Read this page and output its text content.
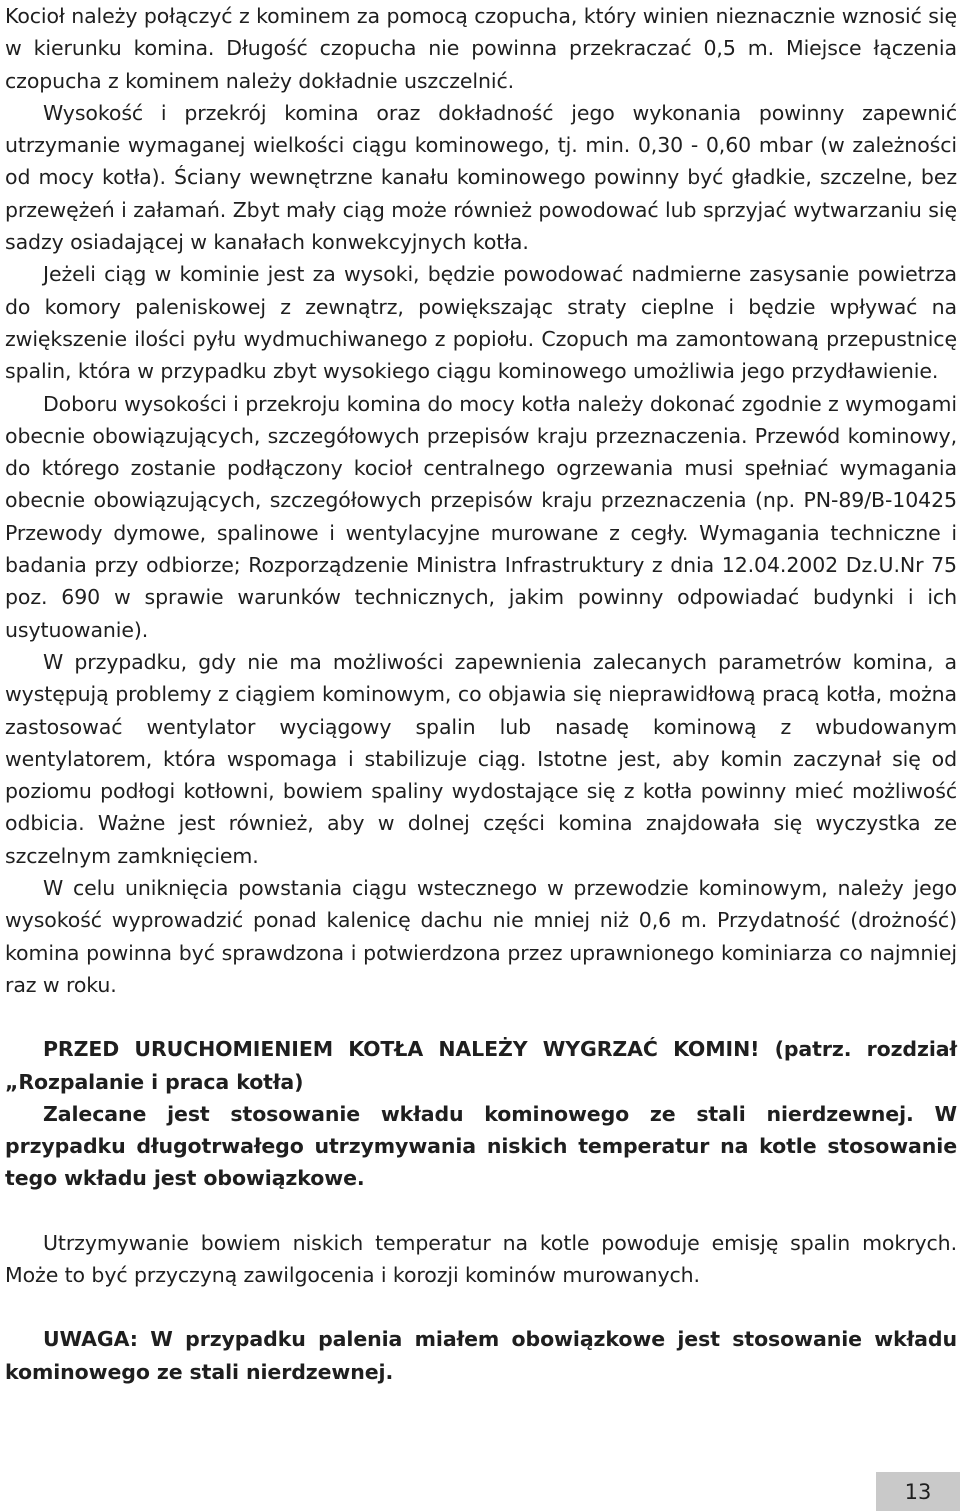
Kocioł należy połączyć z kominem za pomocą czopucha, który winien nieznacznie wznosić się w kierunku komina. Długość czopucha nie powinna przekraczać 0,5 m. Miejsce łączenia czopucha z kominem należy dokładnie uszczelnić.

Wysokość i przekrój komina oraz dokładność jego wykonania powinny zapewnić utrzymanie wymaganej wielkości ciągu kominowego, tj. min. 0,30 - 0,60 mbar (w zależności od mocy kotła). Ściany wewnętrzne kanału kominowego powinny być gładkie, szczelne, bez przewężeń i załamań. Zbyt mały ciąg może również powodować lub sprzyjać wytwarzaniu się sadzy osiadającej w kanałach konwekcyjnych kotła.

Jeżeli ciąg w kominie jest za wysoki, będzie powodować nadmierne zasysanie powietrza do komory paleniskowej z zewnątrz, powiększając straty cieplne i będzie wpływać na zwiększenie ilości pyłu wydmuchiwanego z popiołu. Czopuch ma zamontowaną przepustnicę spalin, która w przypadku zbyt wysokiego ciągu kominowego umożliwia jego przydławienie.

Doboru wysokości i przekroju komina do mocy kotła należy dokonać zgodnie z wymogami obecnie obowiązujących, szczegółowych przepisów kraju przeznaczenia. Przewód kominowy, do którego zostanie podłączony kocioł centralnego ogrzewania musi spełniać wymagania obecnie obowiązujących, szczegółowych przepisów kraju przeznaczenia (np. PN-89/B-10425 Przewody dymowe, spalinowe i wentylacyjne murowane z cegły. Wymagania techniczne i badania przy odbiorze; Rozporządzenie Ministra Infrastruktury z dnia 12.04.2002 Dz.U.Nr 75 poz. 690 w sprawie warunków technicznych, jakim powinny odpowiadać budynki i ich usytuowanie).

W przypadku, gdy nie ma możliwości zapewnienia zalecanych parametrów komina, a występują problemy z ciągiem kominowym, co objawia się nieprawidłową pracą kotła, można zastosować wentylator wyciągowy spalin lub nasadę kominową z wbudowanym wentylatorem, która wspomaga i stabilizuje ciąg. Istotne jest, aby komin zaczynał się od poziomu podłogi kotłowni, bowiem spaliny wydostające się z kotła powinny mieć możliwość odbicia. Ważne jest również, aby w dolnej części komina znajdowała się wyczystka ze szczelnym zamknięciem.

W celu uniknięcia powstania ciągu wstecznego w przewodzie kominowym, należy jego wysokość wyprowadzić ponad kalenicę dachu nie mniej niż 0,6 m. Przydatność (drożność) komina powinna być sprawdzona i potwierdzona przez uprawnionego kominiarza co najmniej raz w roku.

PRZED URUCHOMIENIEM KOTŁA NALEŻY WYGRZAĆ KOMIN! (patrz. rozdział „Rozpalanie i praca kotła)

Zalecane jest stosowanie wkładu kominowego ze stali nierdzewnej. W przypadku długotrwałego utrzymywania niskich temperatur na kotle stosowanie tego wkładu jest obowiązkowe.

Utrzymywanie bowiem niskich temperatur na kotle powoduje emisję spalin mokrych. Może to być przyczyną zawilgocenia i korozji kominów murowanych.

UWAGA: W przypadku palenia miałem obowiązkowe jest stosowanie wkładu kominowego ze stali nierdzewnej.

13
